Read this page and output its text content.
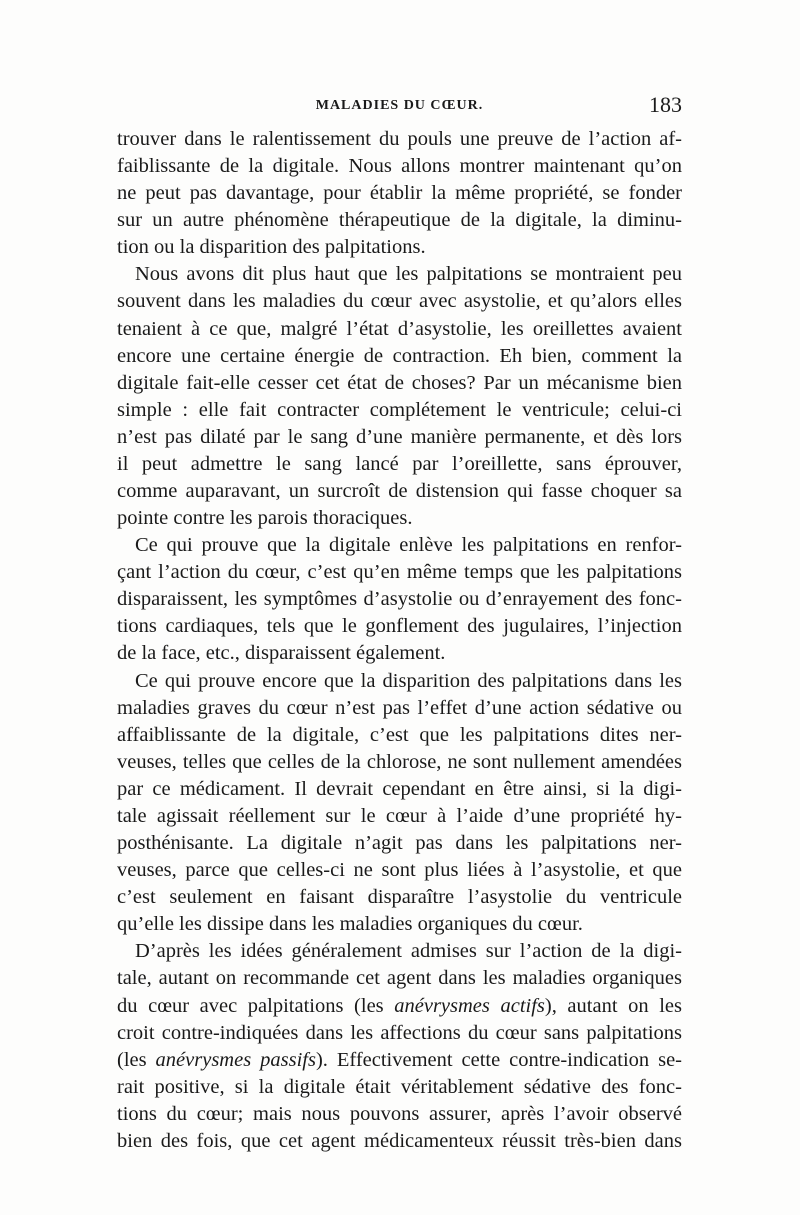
MALADIES DU CŒUR.	183
trouver dans le ralentissement du pouls une preuve de l’action af-
faiblissante de la digitale. Nous allons montrer maintenant qu’on
ne peut pas davantage, pour établir la même propriété, se fonder
sur un autre phénomène thérapeutique de la digitale, la diminu-
tion ou la disparition des palpitations.
Nous avons dit plus haut que les palpitations se montraient peu
souvent dans les maladies du cœur avec asystolie, et qu’alors elles
tenaient à ce que, malgré l’état d’asystolie, les oreillettes avaient
encore une certaine énergie de contraction. Eh bien, comment la
digitale fait-elle cesser cet état de choses? Par un mécanisme bien
simple : elle fait contracter complétement le ventricule; celui-ci
n’est pas dilaté par le sang d’une manière permanente, et dès lors
il peut admettre le sang lancé par l’oreillette, sans éprouver,
comme auparavant, un surcroît de distension qui fasse choquer sa
pointe contre les parois thoraciques.
Ce qui prouve que la digitale enlève les palpitations en renfor-
çant l’action du cœur, c’est qu’en même temps que les palpitations
disparaissent, les symptômes d’asystolie ou d’enrayement des fonc-
tions cardiaques, tels que le gonflement des jugulaires, l’injection
de la face, etc., disparaissent également.
Ce qui prouve encore que la disparition des palpitations dans les
maladies graves du cœur n’est pas l’effet d’une action sédative ou
affaiblissante de la digitale, c’est que les palpitations dites ner-
veuses, telles que celles de la chlorose, ne sont nullement amendées
par ce médicament. Il devrait cependant en être ainsi, si la digi-
tale agissait réellement sur le cœur à l’aide d’une propriété hy-
posthénisante. La digitale n’agit pas dans les palpitations ner-
veuses, parce que celles-ci ne sont plus liées à l’asystolie, et que
c’est seulement en faisant disparaître l’asystolie du ventricule
qu’elle les dissipe dans les maladies organiques du cœur.
D’après les idées généralement admises sur l’action de la digi-
tale, autant on recommande cet agent dans les maladies organiques
du cœur avec palpitations (les anévrysmes actifs), autant on les
croit contre-indiquées dans les affections du cœur sans palpitations
(les anévrysmes passifs). Effectivement cette contre-indication se-
rait positive, si la digitale était véritablement sédative des fonc-
tions du cœur; mais nous pouvons assurer, après l’avoir observé
bien des fois, que cet agent médicamenteux réussit très-bien dans
